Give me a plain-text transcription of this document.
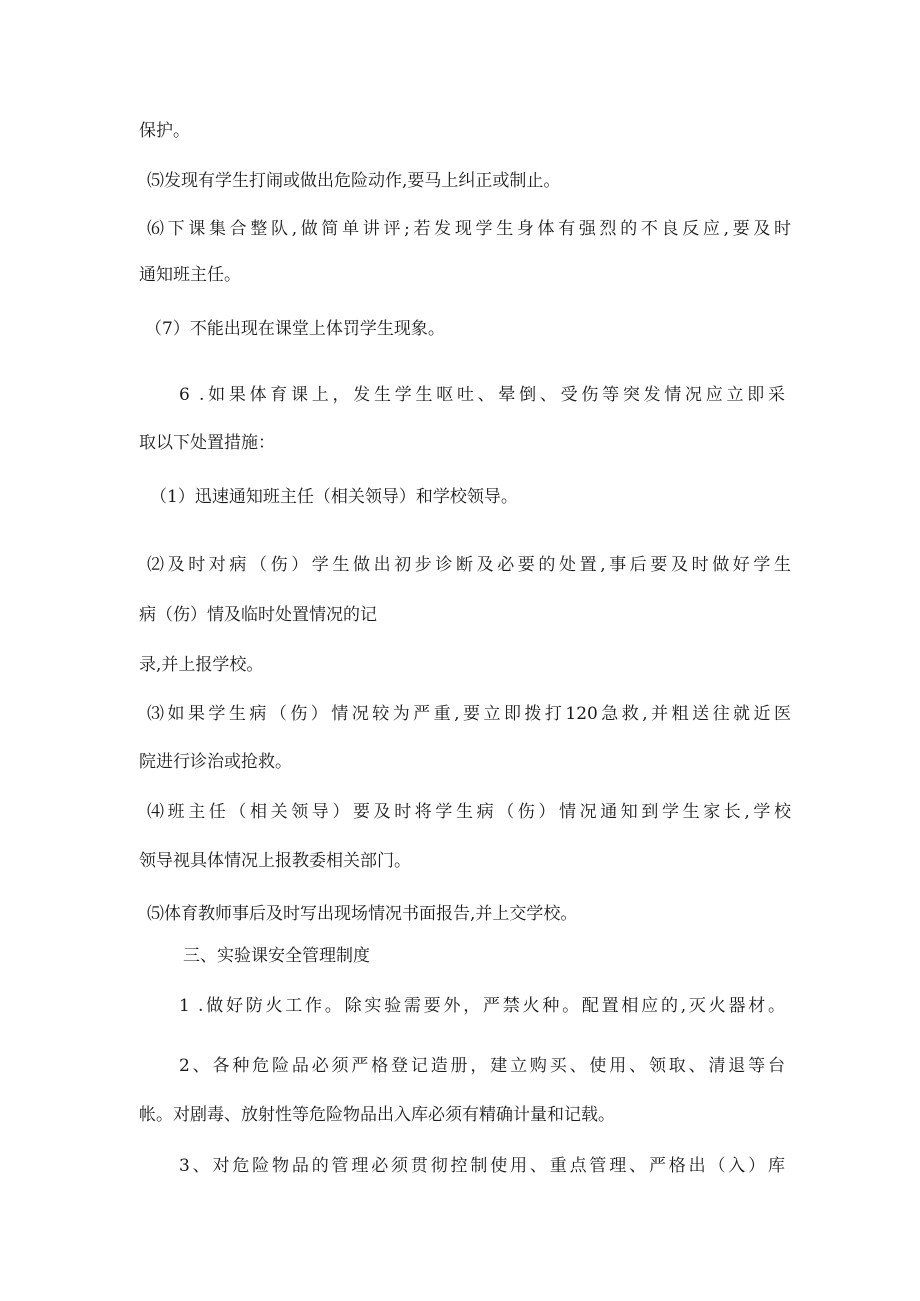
保护。

⑸发现有学生打闹或做出危险动作,要马上纠正或制止。

⑹下课集合整队,做简单讲评;若发现学生身体有强烈的不良反应,要及时

通知班主任。

（7）不能出现在课堂上体罚学生现象。

6 .如果体育课上，发生学生呕吐、晕倒、受伤等突发情况应立即采

取以下处置措施：

（1）迅速通知班主任（相关领导）和学校领导。

⑵及时对病（伤）学生做出初步诊断及必要的处置,事后要及时做好学生

病（伤）情及临时处置情况的记

录,并上报学校。

⑶如果学生病（伤）情况较为严重,要立即拨打120急救,并粗送往就近医

院进行诊治或抢救。

⑷班主任（相关领导）要及时将学生病（伤）情况通知到学生家长,学校

领导视具体情况上报教委相关部门。

⑸体育教师事后及时写出现场情况书面报告,并上交学校。

三、实验课安全管理制度

1 .做好防火工作。除实验需要外，严禁火种。配置相应的,灭火器材。

2、各种危险品必须严格登记造册，建立购买、使用、领取、清退等台

帐。对剧毒、放射性等危险物品出入库必须有精确计量和记载。

3、对危险物品的管理必须贯彻控制使用、重点管理、严格出（入）库
